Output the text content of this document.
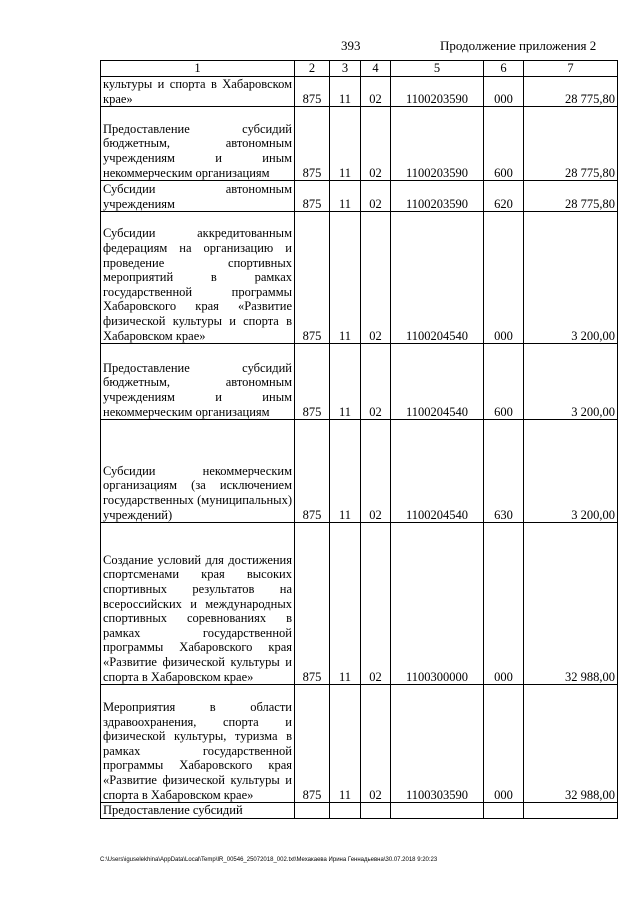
393	Продолжение приложения 2
1	2	3	4	5	6	7
культуры и спорта в Хабаровском крае»	875	11	02	1100203590	000	28 775,80
Предоставление субсидий бюджетным, автономным учреждениям и иным некоммерческим организациям	875	11	02	1100203590	600	28 775,80
Субсидии автономным учреждениям	875	11	02	1100203590	620	28 775,80
Субсидии аккредитованным федерациям на организацию и проведение спортивных мероприятий в рамках государственной программы Хабаровского края «Развитие физической культуры и спорта в Хабаровском крае»	875	11	02	1100204540	000	3 200,00
Предоставление субсидий бюджетным, автономным учреждениям и иным некоммерческим организациям	875	11	02	1100204540	600	3 200,00
Субсидии некоммерческим организациям (за исключением государственных (муниципальных) учреждений)	875	11	02	1100204540	630	3 200,00
Создание условий для достижения спортсменами края высоких спортивных результатов на всероссийских и международных спортивных соревнованиях в рамках государственной программы Хабаровского края «Развитие физической культуры и спорта в Хабаровском крае»	875	11	02	1100300000	000	32 988,00
Мероприятия в области здравоохранения, спорта и физической культуры, туризма в рамках государственной программы Хабаровского края «Развитие физической культуры и спорта в Хабаровском крае»	875	11	02	1100303590	000	32 988,00
Предоставление субсидий						
C:\Users\iguselekhina\AppData\Local\Temp\IR_00546_25072018_002.txt\Мехакаева Ирина Геннадьевна\30.07.2018 9:20:23
